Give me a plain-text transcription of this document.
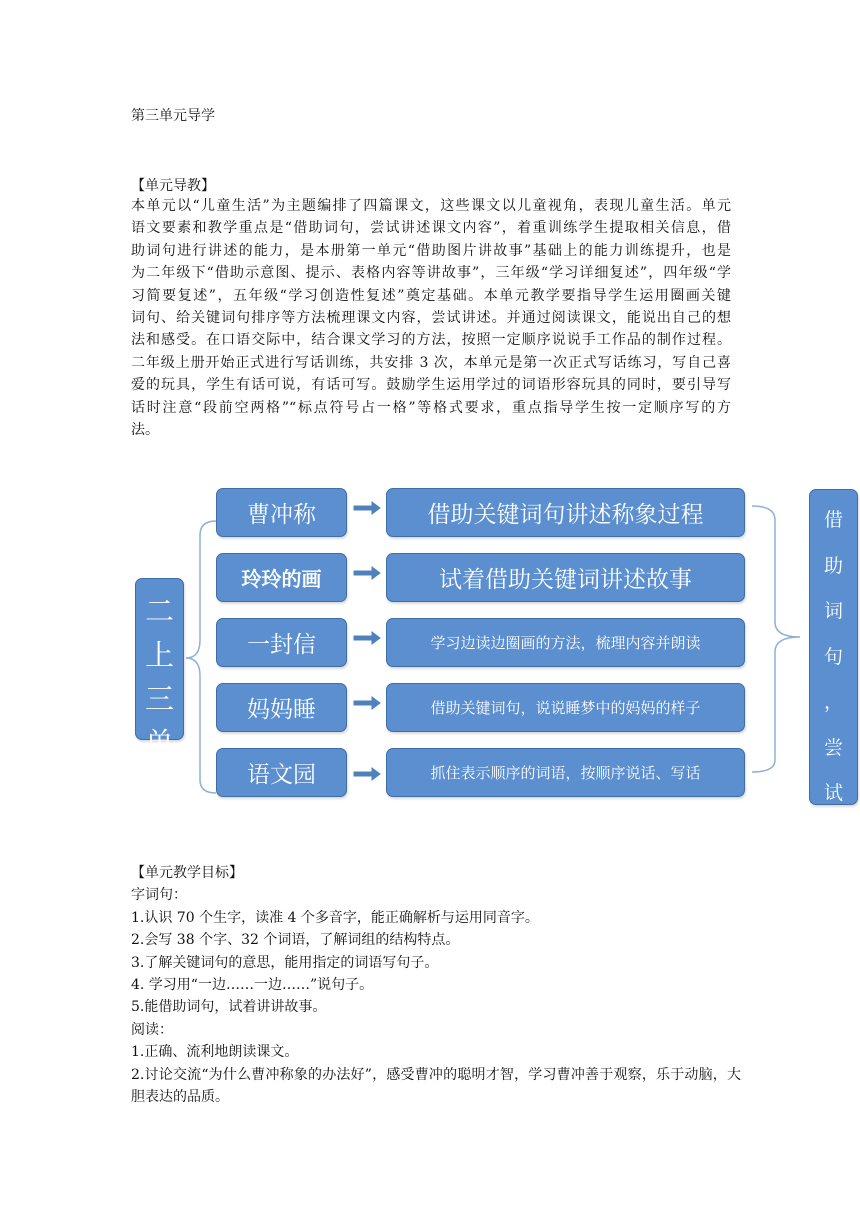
第三单元导学
【单元导教】
本单元以“儿童生活”为主题编排了四篇课文，这些课文以儿童视角，表现儿童生活。单元
语文要素和教学重点是“借助词句，尝试讲述课文内容”，着重训练学生提取相关信息，借
助词句进行讲述的能力，是本册第一单元“借助图片讲故事”基础上的能力训练提升，也是
为二年级下“借助示意图、提示、表格内容等讲故事”，三年级“学习详细复述”，四年级“学
习简要复述”，五年级“学习创造性复述”奠定基础。本单元教学要指导学生运用圈画关键
词句、给关键词句排序等方法梳理课文内容，尝试讲述。并通过阅读课文，能说出自己的想
法和感受。在口语交际中，结合课文学习的方法，按照一定顺序说说手工作品的制作过程。
二年级上册开始正式进行写话训练，共安排 3 次，本单元是第一次正式写话练习，写自己喜
爱的玩具，学生有话可说，有话可写。鼓励学生运用学过的词语形容玩具的同时，要引导写
话时注意“段前空两格”“标点符号占一格”等格式要求，重点指导学生按一定顺序写的方
法。
二
上
三
单
曹冲称
玲玲的画
一封信
妈妈睡
语文园
借助关键词句讲述称象过程
试着借助关键词讲述故事
学习边读边圈画的方法，梳理内容并朗读
借助关键词句，说说睡梦中的妈妈的样子
抓住表示顺序的词语，按顺序说话、写话
借
助
词
句
，
尝
试
【单元教学目标】
字词句：
1.认识 70 个生字，读准 4 个多音字，能正确解析与运用同音字。
2.会写 38 个字、32 个词语，了解词组的结构特点。
3.了解关键词句的意思，能用指定的词语写句子。
4. 学习用“一边……一边……”说句子。
5.能借助词句，试着讲讲故事。
阅读：
1.正确、流利地朗读课文。
2.讨论交流“为什么曹冲称象的办法好”，感受曹冲的聪明才智，学习曹冲善于观察，乐于动脑，大胆表达的品质。
